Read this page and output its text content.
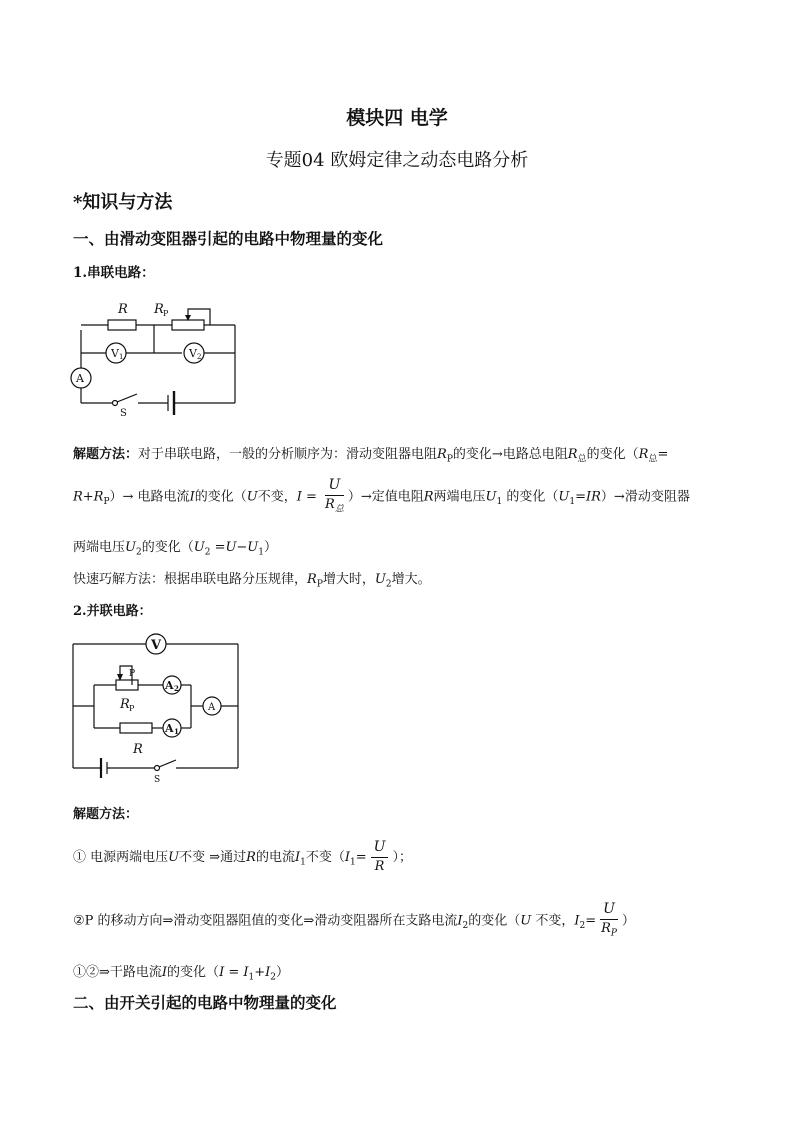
模块四 电学
专题04 欧姆定律之动态电路分析
*知识与方法
一、由滑动变阻器引起的电路中物理量的变化
1.串联电路：
R R P
V 1	V 2
A
S
解题方法：对于串联电路，一般的分析顺序为：滑动变阻器电阻$R_P$的变化→电路总电阻$R_总$的变化（$R_总=$
$R+R_P)\to$ 电路电流I的变化（U不变，$I = \frac{U}{R_总}$ ）→定值电阻R两端电压$U_1$ 的变化$(U_1=IR)\to$滑动变阻器
两端电压$U_2$的变化$(U_2 =U-U_1)$
快速巧解方法：根据串联电路分压规律，$R_P$增大时，$U_2$增大。
2.并联电路：
V
P
A 2
R P	A
A 1
R
S
解题方法：
① 电源两端电压U不变 ⇒通过R的电流$I_1$不变（$I_1= \frac{U}{R}$ ）；
②P 的移动方向⇒滑动变阻器阻值的变化⇒滑动变阻器所在支路电流$I_2$的变化（U 不变，$I_2= \frac{U}{R_P}$ ）
①②⇒干路电流I的变化$(I = I_1+I_2)$
二、由开关引起的电路中物理量的变化
